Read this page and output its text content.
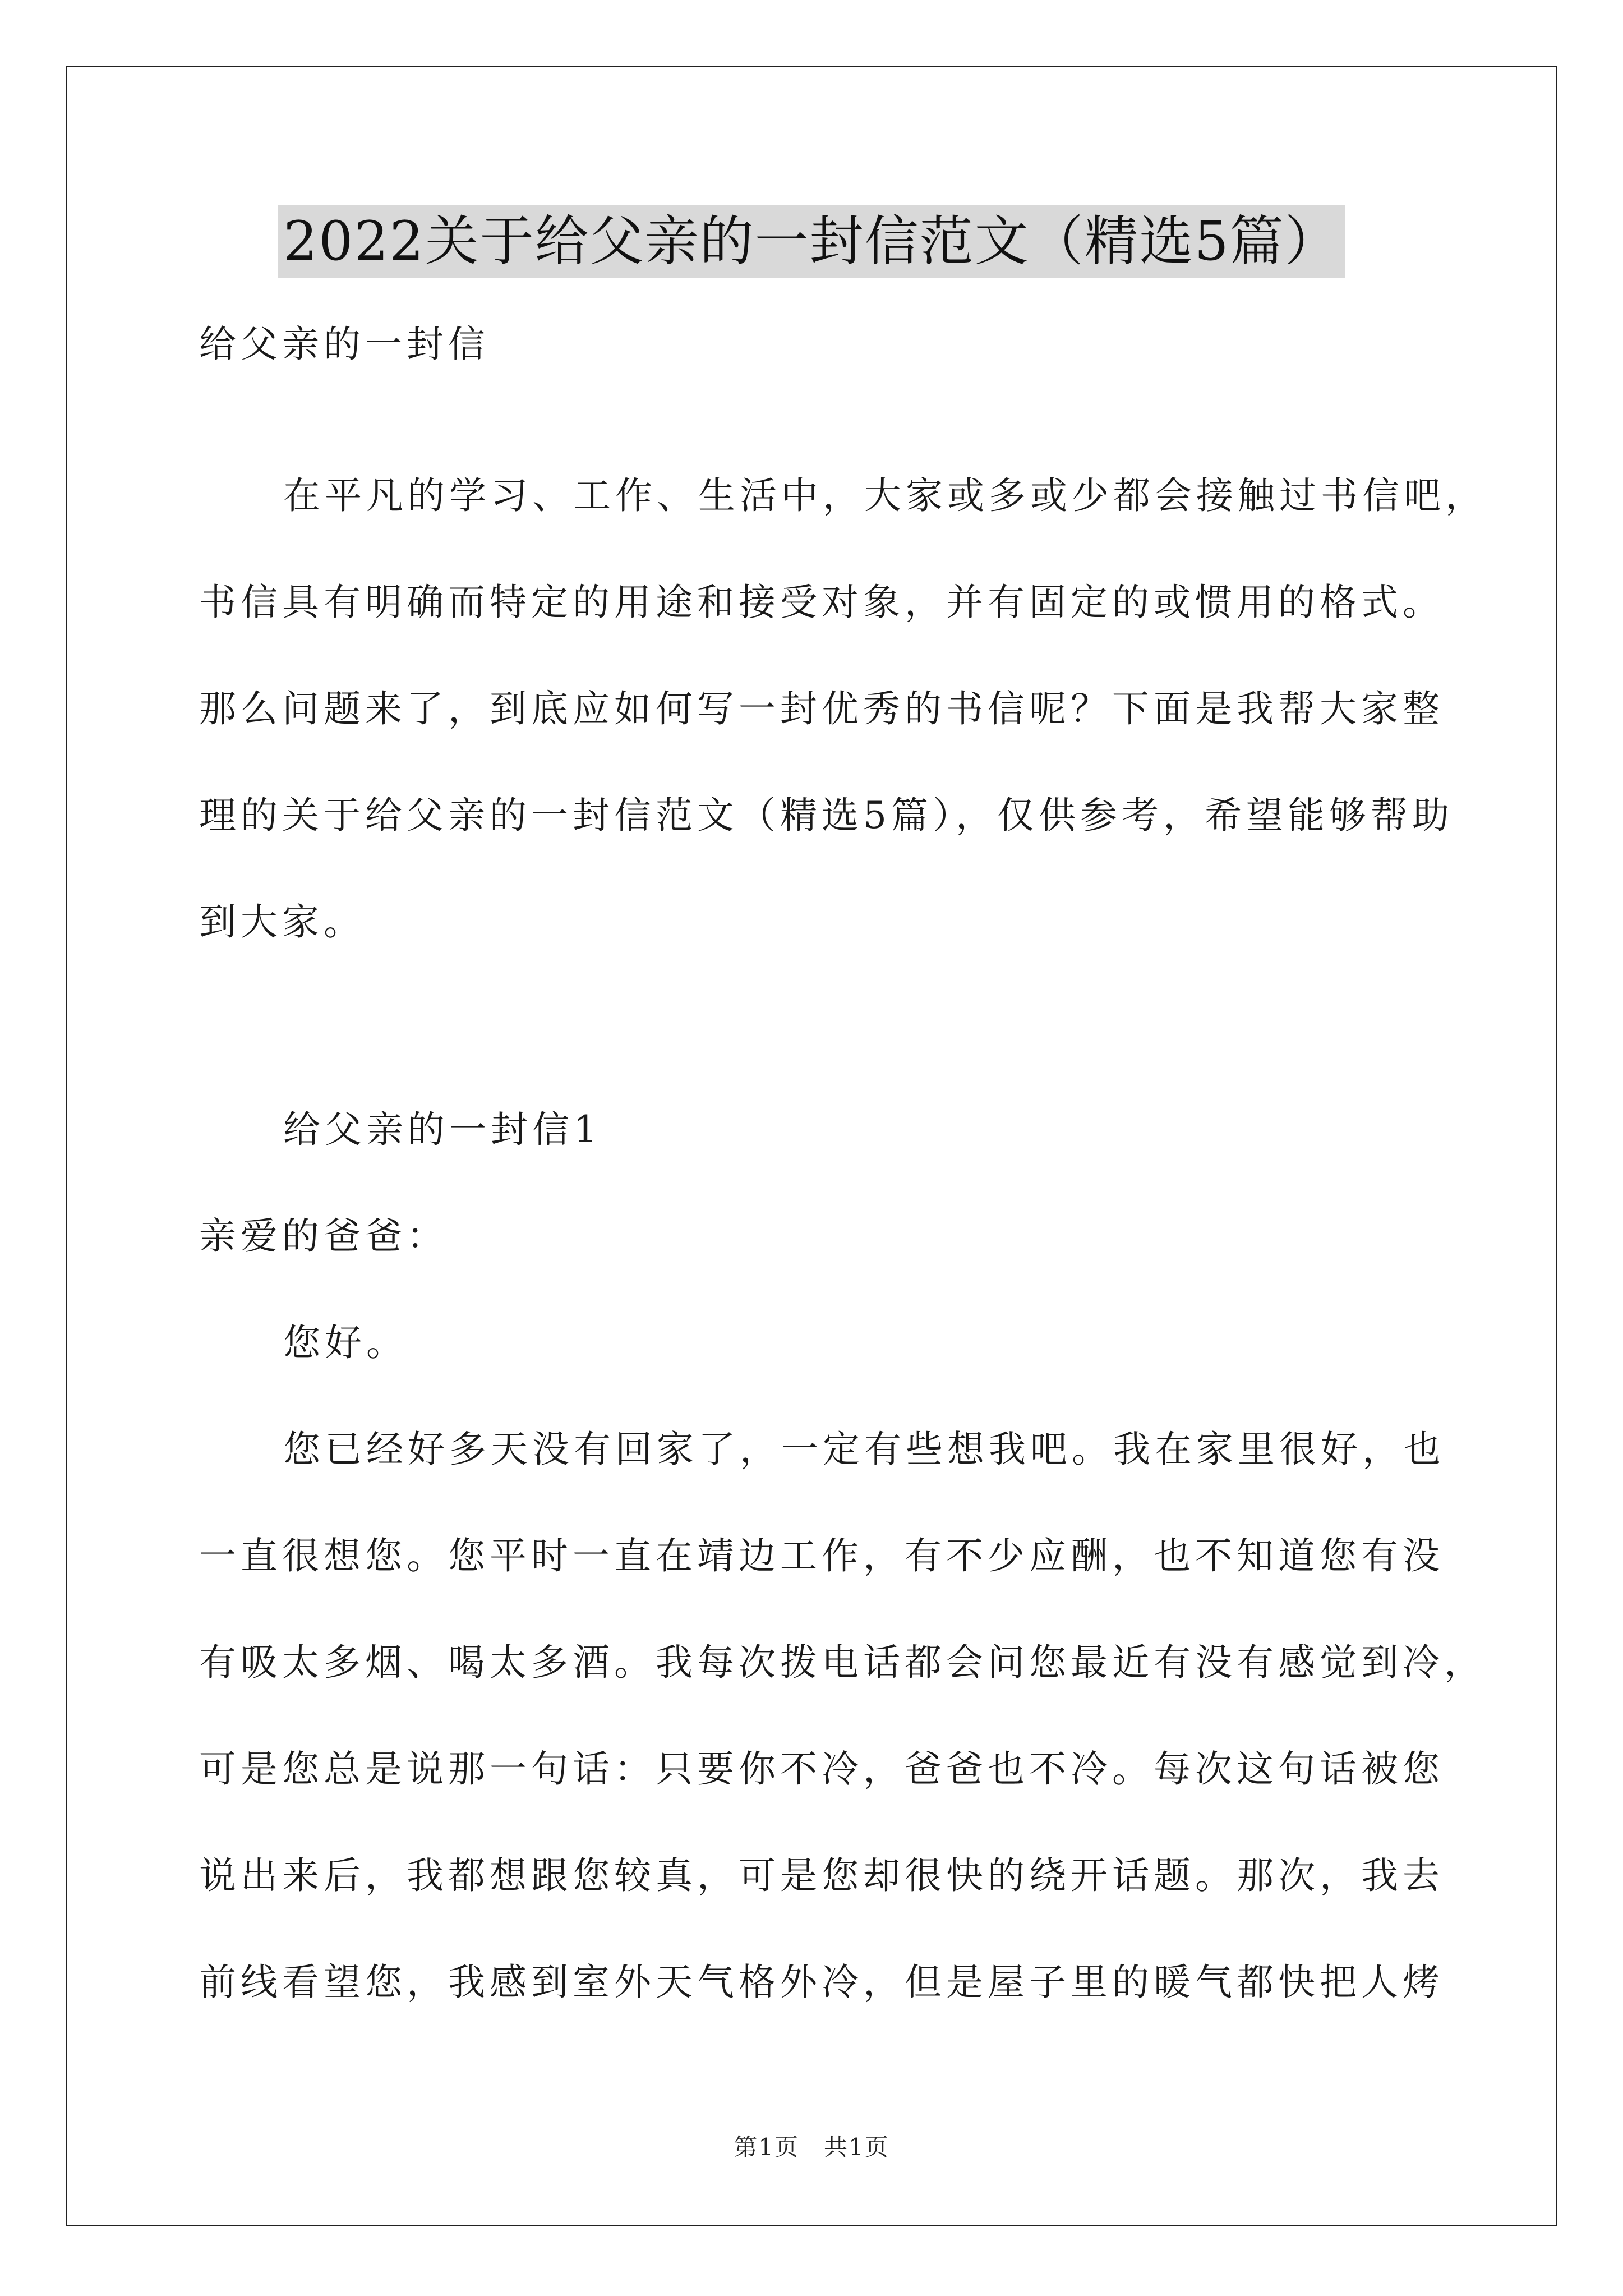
2022关于给父亲的一封信范文（精选5篇）
给父亲的一封信
在平凡的学习、工作、生活中，大家或多或少都会接触过书信吧，
书信具有明确而特定的用途和接受对象，并有固定的或惯用的格式。
那么问题来了，到底应如何写一封优秀的书信呢？下面是我帮大家整
理的关于给父亲的一封信范文（精选5篇），仅供参考，希望能够帮助
到大家。
给父亲的一封信1
亲爱的爸爸：
您好。
您已经好多天没有回家了，一定有些想我吧。我在家里很好，也
一直很想您。您平时一直在靖边工作，有不少应酬，也不知道您有没
有吸太多烟、喝太多酒。我每次拨电话都会问您最近有没有感觉到冷，
可是您总是说那一句话：只要你不冷，爸爸也不冷。每次这句话被您
说出来后，我都想跟您较真，可是您却很快的绕开话题。那次，我去
前线看望您，我感到室外天气格外冷，但是屋子里的暖气都快把人烤
第1页　共1页
